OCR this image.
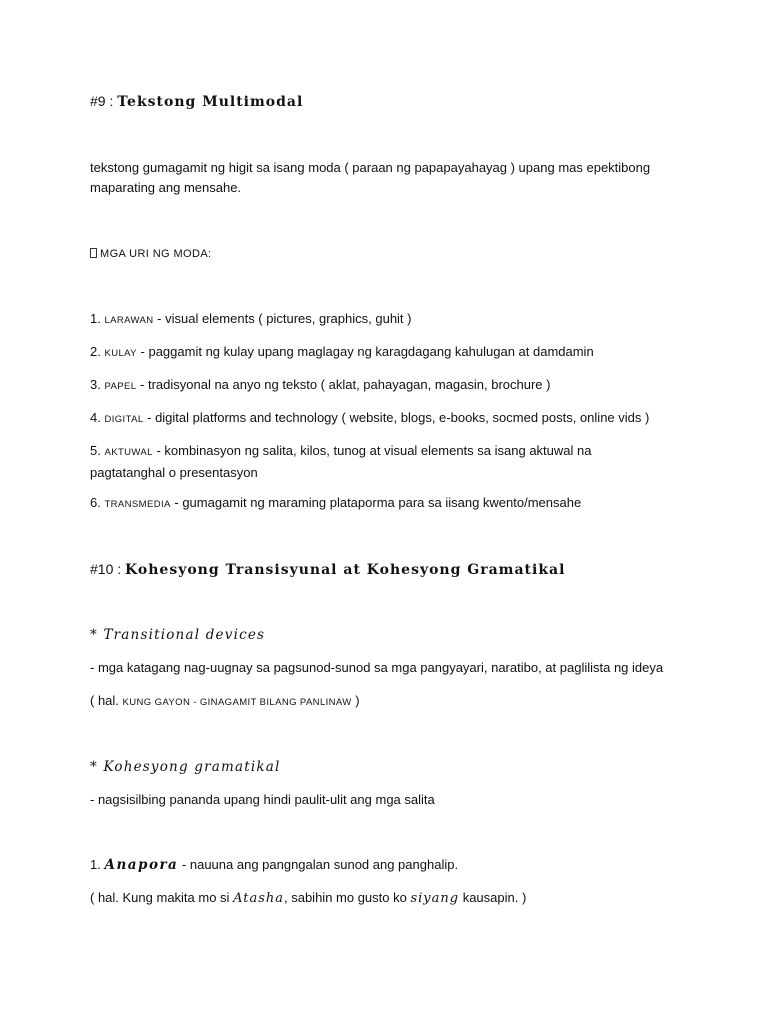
#9 : Tekstong Multimodal
tekstong gumagamit ng higit sa isang moda ( paraan ng papapayahayag ) upang mas epektibong maparating ang mensahe.
MGA URI NG MODA:
1. LARAWAN - visual elements ( pictures, graphics, guhit )
2. KULAY - paggamit ng kulay upang maglagay ng karagdagang kahulugan at damdamin
3. PAPEL - tradisyonal na anyo ng teksto ( aklat, pahayagan, magasin, brochure )
4. DIGITAL - digital platforms and technology ( website, blogs, e-books, socmed posts, online vids )
5. AKTUWAL - kombinasyon ng salita, kilos, tunog at visual elements sa isang aktuwal na pagtatanghal o presentasyon
6. TRANSMEDIA - gumagamit ng maraming plataporma para sa iisang kwento/mensahe
#10 : Kohesyong Transisyunal at Kohesyong Gramatikal
* Transitional devices
- mga katagang nag-uugnay sa pagsunod-sunod sa mga pangyayari, naratibo, at paglilista ng ideya
( hal. KUNG GAYON - GINAGAMIT BILANG PANLINAW )
* Kohesyong gramatikal
- nagsisilbing pananda upang hindi paulit-ulit ang mga salita
1. Anapora - nauuna ang pangngalan sunod ang panghalip.
( hal. Kung makita mo si Atasha, sabihin mo gusto ko siyang kausapin. )
